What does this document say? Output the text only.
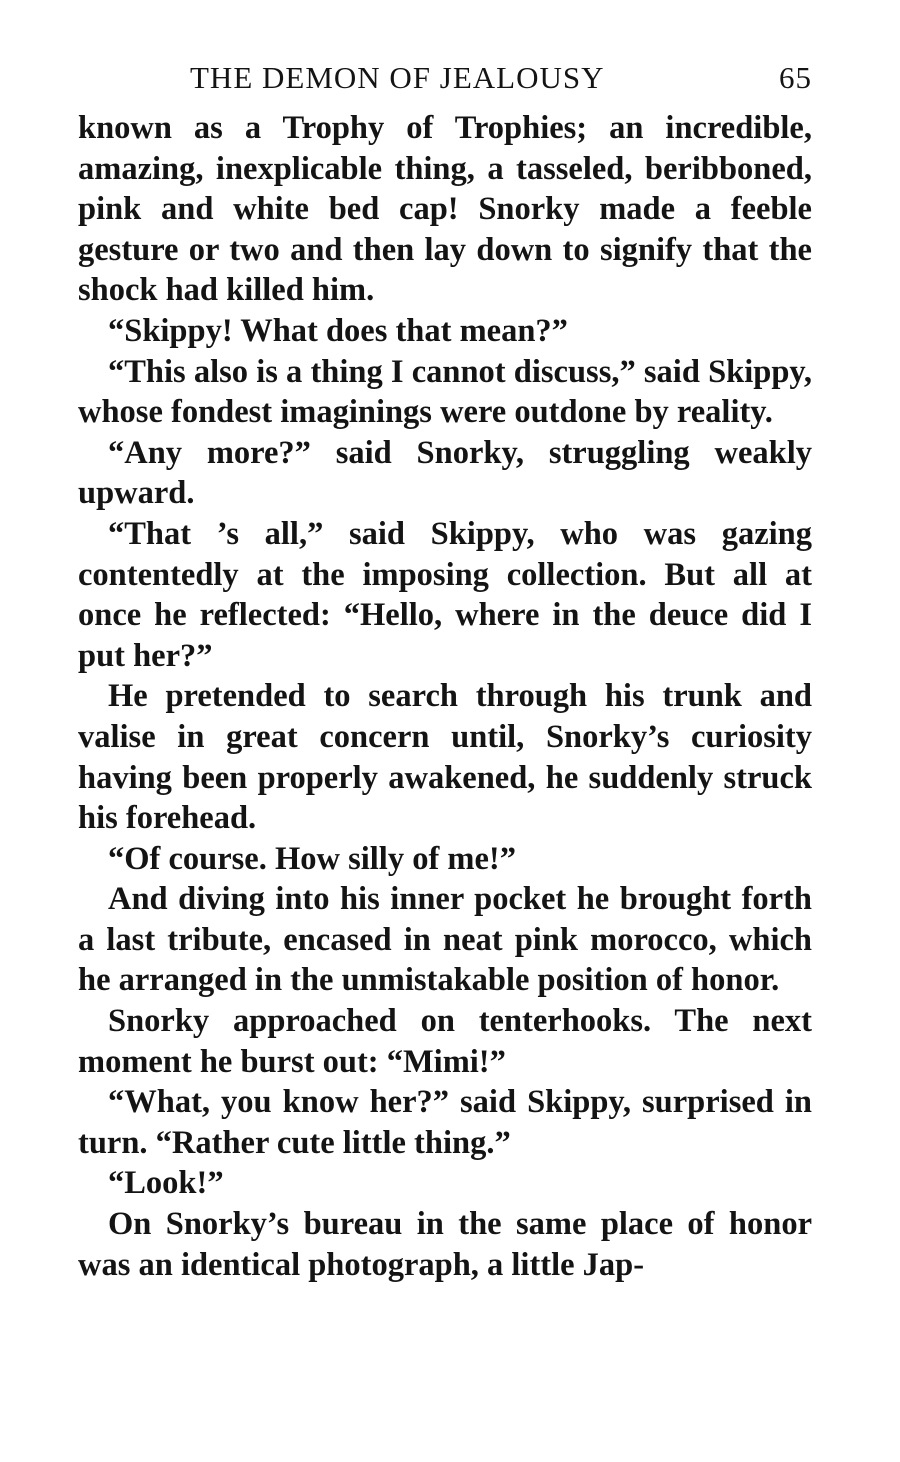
THE DEMON OF JEALOUSY	65

known as a Trophy of Trophies; an incredible, amazing, inexplicable thing, a tasseled, beribboned, pink and white bed cap! Snorky made a feeble gesture or two and then lay down to signify that the shock had killed him.

“Skippy! What does that mean?”

“This also is a thing I cannot discuss,” said Skippy, whose fondest imaginings were outdone by reality.

“Any more?” said Snorky, struggling weakly upward.

“That ’s all,” said Skippy, who was gazing contentedly at the imposing collection. But all at once he reflected: “Hello, where in the deuce did I put her?”

He pretended to search through his trunk and valise in great concern until, Snorky’s curiosity having been properly awakened, he suddenly struck his forehead.

“Of course. How silly of me!”

And diving into his inner pocket he brought forth a last tribute, encased in neat pink morocco, which he arranged in the unmistakable position of honor.

Snorky approached on tenterhooks. The next moment he burst out: “Mimi!”

“What, you know her?” said Skippy, surprised in turn. “Rather cute little thing.”

“Look!”

On Snorky’s bureau in the same place of honor was an identical photograph, a little Jap-
